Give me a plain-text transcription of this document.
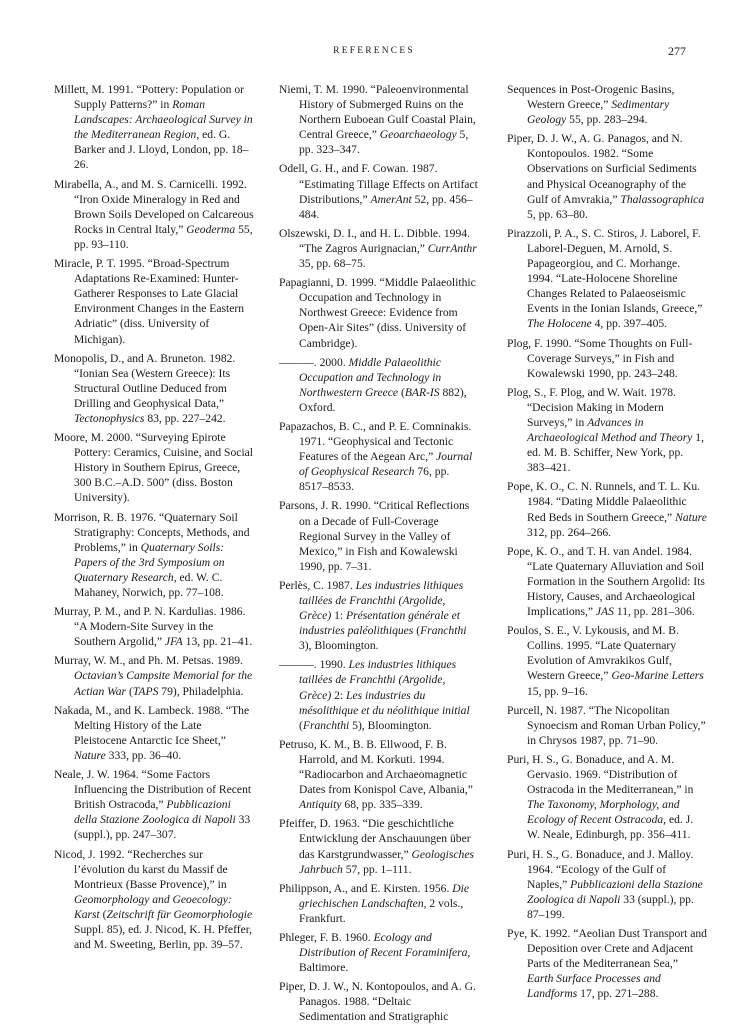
REFERENCES	277

Millett, M. 1991. “Pottery: Population or Supply Patterns?” in Roman Landscapes: Archaeological Survey in the Mediterranean Region, ed. G. Barker and J. Lloyd, London, pp. 18–26.

Mirabella, A., and M. S. Carnicelli. 1992. “Iron Oxide Mineralogy in Red and Brown Soils Developed on Calcareous Rocks in Central Italy,” Geoderma 55, pp. 93–110.

Miracle, P. T. 1995. “Broad-Spectrum Adaptations Re-Examined: Hunter-Gatherer Responses to Late Glacial Environment Changes in the Eastern Adriatic” (diss. University of Michigan).

Monopolis, D., and A. Bruneton. 1982. “Ionian Sea (Western Greece): Its Structural Outline Deduced from Drilling and Geophysical Data,” Tectonophysics 83, pp. 227–242.

Moore, M. 2000. “Surveying Epirote Pottery: Ceramics, Cuisine, and Social History in Southern Epirus, Greece, 300 B.C.–A.D. 500” (diss. Boston University).

Morrison, R. B. 1976. “Quaternary Soil Stratigraphy: Concepts, Methods, and Problems,” in Quaternary Soils: Papers of the 3rd Symposium on Quaternary Research, ed. W. C. Mahaney, Norwich, pp. 77–108.

Murray, P. M., and P. N. Kardulias. 1986. “A Modern-Site Survey in the Southern Argolid,” JFA 13, pp. 21–41.

Murray, W. M., and Ph. M. Petsas. 1989. Octavian’s Campsite Memorial for the Actian War (TAPS 79), Philadelphia.

Nakada, M., and K. Lambeck. 1988. “The Melting History of the Late Pleistocene Antarctic Ice Sheet,” Nature 333, pp. 36–40.

Neale, J. W. 1964. “Some Factors Influencing the Distribution of Recent British Ostracoda,” Pubblicazioni della Stazione Zoologica di Napoli 33 (suppl.), pp. 247–307.

Nicod, J. 1992. “Recherches sur l’évolution du karst du Massif de Montrieux (Basse Provence),” in Geomorphology and Geoecology: Karst (Zeitschrift für Geomorphologie Suppl. 85), ed. J. Nicod, K. H. Pfeffer, and M. Sweeting, Berlin, pp. 39–57.

Niemi, T. M. 1990. “Paleoenvironmental History of Submerged Ruins on the Northern Euboean Gulf Coastal Plain, Central Greece,” Geoarchaeology 5, pp. 323–347.

Odell, G. H., and F. Cowan. 1987. “Estimating Tillage Effects on Artifact Distributions,” AmerAnt 52, pp. 456–484.

Olszewski, D. I., and H. L. Dibble. 1994. “The Zagros Aurignacian,” CurrAnthr 35, pp. 68–75.

Papagianni, D. 1999. “Middle Palaeolithic Occupation and Technology in Northwest Greece: Evidence from Open-Air Sites” (diss. University of Cambridge).

———. 2000. Middle Palaeolithic Occupation and Technology in Northwestern Greece (BAR-IS 882), Oxford.

Papazachos, B. C., and P. E. Comninakis. 1971. “Geophysical and Tectonic Features of the Aegean Arc,” Journal of Geophysical Research 76, pp. 8517–8533.

Parsons, J. R. 1990. “Critical Reflections on a Decade of Full-Coverage Regional Survey in the Valley of Mexico,” in Fish and Kowalewski 1990, pp. 7–31.

Perlès, C. 1987. Les industries lithiques taillées de Franchthi (Argolide, Grèce) 1: Présentation générale et industries paléolithiques (Franchthi 3), Bloomington.

———. 1990. Les industries lithiques taillées de Franchthi (Argolide, Grèce) 2: Les industries du mésolithique et du néolithique initial (Franchthi 5), Bloomington.

Petruso, K. M., B. B. Ellwood, F. B. Harrold, and M. Korkuti. 1994. “Radiocarbon and Archaeomagnetic Dates from Konispol Cave, Albania,” Antiquity 68, pp. 335–339.

Pfeiffer, D. 1963. “Die geschichtliche Entwicklung der Anschauungen über das Karstgrundwasser,” Geologisches Jahrbuch 57, pp. 1–111.

Philippson, A., and E. Kirsten. 1956. Die griechischen Landschaften, 2 vols., Frankfurt.

Phleger, F. B. 1960. Ecology and Distribution of Recent Foraminifera, Baltimore.

Piper, D. J. W., N. Kontopoulos, and A. G. Panagos. 1988. “Deltaic Sedimentation and Stratigraphic

Sequences in Post-Orogenic Basins, Western Greece,” Sedimentary Geology 55, pp. 283–294.

Piper, D. J. W., A. G. Panagos, and N. Kontopoulos. 1982. “Some Observations on Surficial Sediments and Physical Oceanography of the Gulf of Amvrakia,” Thalassographica 5, pp. 63–80.

Pirazzoli, P. A., S. C. Stiros, J. Laborel, F. Laborel-Deguen, M. Arnold, S. Papageorgiou, and C. Morhange. 1994. “Late-Holocene Shoreline Changes Related to Palaeoseismic Events in the Ionian Islands, Greece,” The Holocene 4, pp. 397–405.

Plog, F. 1990. “Some Thoughts on Full-Coverage Surveys,” in Fish and Kowalewski 1990, pp. 243–248.

Plog, S., F. Plog, and W. Wait. 1978. “Decision Making in Modern Surveys,” in Advances in Archaeological Method and Theory 1, ed. M. B. Schiffer, New York, pp. 383–421.

Pope, K. O., C. N. Runnels, and T. L. Ku. 1984. “Dating Middle Palaeolithic Red Beds in Southern Greece,” Nature 312, pp. 264–266.

Pope, K. O., and T. H. van Andel. 1984. “Late Quaternary Alluviation and Soil Formation in the Southern Argolid: Its History, Causes, and Archaeological Implications,” JAS 11, pp. 281–306.

Poulos, S. E., V. Lykousis, and M. B. Collins. 1995. “Late Quaternary Evolution of Amvrakikos Gulf, Western Greece,” Geo-Marine Letters 15, pp. 9–16.

Purcell, N. 1987. “The Nicopolitan Synoecism and Roman Urban Policy,” in Chrysos 1987, pp. 71–90.

Puri, H. S., G. Bonaduce, and A. M. Gervasio. 1969. “Distribution of Ostracoda in the Mediterranean,” in The Taxonomy, Morphology, and Ecology of Recent Ostracoda, ed. J. W. Neale, Edinburgh, pp. 356–411.

Puri, H. S., G. Bonaduce, and J. Malloy. 1964. “Ecology of the Gulf of Naples,” Pubblicazioni della Stazione Zoologica di Napoli 33 (suppl.), pp. 87–199.

Pye, K. 1992. “Aeolian Dust Transport and Deposition over Crete and Adjacent Parts of the Mediterranean Sea,” Earth Surface Processes and Landforms 17, pp. 271–288.
